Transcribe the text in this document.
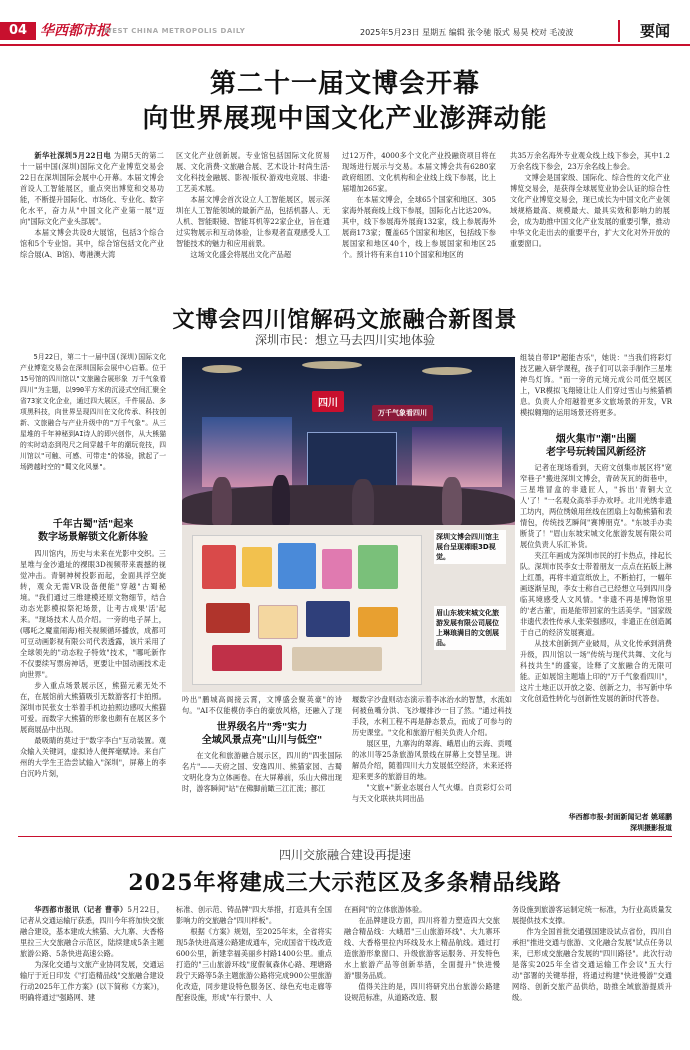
04 华西都市报
WEST CHINA METROPOLIS DAILY	2025年5月23日 星期五 编辑 张令驰 版式 易昊 校对 毛凌波	要闻
第二十一届文博会开幕
向世界展现中国文化产业澎湃动能

新华社深圳5月22日电 为期5天的第二十一届中国(深圳)国际文化产业博览交易会22日在深圳国际会展中心开幕。本届文博会首设人工智能展区，重点突出博览和交易功能，不断提升国际化、市场化、专业化、数字化水平，奋力从"中国文化产业第一展"迈向"国际文化产业头部展"。

本届文博会共设8大展馆，包括3个综合馆和5个专业馆。其中，综合馆包括文化产业综合展(A、B馆)、粤港澳大湾

区文化产业创新展。专业馆包括国际文化贸易展、文化消费·文旅融合展、艺术设计·时尚生活·文化科技金融展、影视·版权·游戏电竞展、非遗·工艺美术展。

本届文博会首次设立人工智能展区，展示深圳在人工智能领域的最新产品，包括机器人、无人机、智能眼镜、智能耳机等22家企业，旨在通过实物展示和互动体验，让参观者直观感受人工智能技术的魅力和应用前景。

这场文化盛会将展出文化产品超

过12万件，4000多个文化产业投融资项目将在现场进行展示与交易。本届文博会共有6280家政府组团、文化机构和企业线上线下参展，比上届增加265家。

在本届文博会，全球65个国家和地区、305家海外展商线上线下参展，国际化占比达20%。其中，线下参展海外展商132家，线上参展海外展商173家；覆盖65个国家和地区，包括线下参展国家和地区40个，线上参展国家和地区25个。预计将有来自110个国家和地区的

共35万余名海外专业观众线上线下参会，其中1.2万余名线下参会，23万余名线上参会。

文博会是国家级、国际化、综合性的文化产业博览交易会，是获得全球展览业协会认证的综合性文化产业博览交易会，现已成长为中国文化产业领域规格最高、规模最大、最具实效和影响力的展会，成为助推中国文化产业发展的重要引擎，推动中华文化走出去的重要平台，扩大文化对外开放的重要窗口。

文博会四川馆解码文旅融合新图景
深圳市民：想立马去四川实地体验

5月22日，第二十一届中国(深圳)国际文化产业博览交易会在深圳国际会展中心启幕。位于15号馆的四川馆以"文旅融合展形象 万千气象看四川"为主题，以990平方米的沉浸式空间汇聚全省73家文化企业，通过四大展区，千件展品、多项黑科技，向世界呈现四川在文化传承、科技创新、文旅融合与产业升级中的"万千气象"。从三星堆的千年神秘到AI诗人的即兴创作，从大熊猫的实时动态到咫尺之间穿越千年的潮玩竞技，四川馆以"可触、可感、可带走"的体验，掀起了一场跨越时空的"蜀文化风暴"。

千年古蜀"活"起来
数字场景解锁文化新体验

四川馆内，历史与未来在光影中交织。三星堆与金沙遗址的裸眼3D视频带来震撼的视觉冲击。青铜神树投影而起，金面具浮空旋转，观众无需VR设备便能"穿越"古蜀秘境。"我们通过三维建模还原文物细节，结合动态光影模拟祭祀场景，让考古成果'活'起来。"现场技术人员介绍。一旁的电子屏上，(哪吒之魔童闹海)相关视频循环播放，成都可可豆动画影视有限公司代表透露，该片采用了全球领先的"动态粒子特效"技术，"哪吒新作不仅要续写票房神话，更要让中国动画技术走向世界"。

步入重点场景展示区，熊猫元素无处不在，在展馆前大熊猫吸引无数游客打卡拍照。深圳市民张女士举着手机边拍照边感叹大熊猫可爱。而数字大熊猫的形象也颇有在展区多个展商展品中出现。

最吸睛的莫过于"数字李白"互动装置。观众输入关键词，虚拟诗人便挥毫赋诗。来自广州的大学生王浩尝试输入"深圳"，屏幕上的李白沉吟片刻，

四川
万千气象看四川
深圳文博会四川馆主展台呈现裸眼3D视觉。
眉山东坡宋城文化旅游发展有限公司展位上琳琅满目的文创展品。

组装自带IP"超能杏乐"，她说："当我们将彩灯技艺融入研学课程，孩子们可以亲手制作三星堆神鸟灯饰。"而一旁的元境元成公司低空展区上，VR模拟飞翔镜让让人们穿过雪山与熊猫栖息。负责人介绍越着更多文旅场景的开发，VR模拟翱翔的运用场景还将更多。

烟火集市"潮"出圈
老字号玩转国风新经济

记者在现场看到，天府文创集市展区将"宽窄巷子"搬进深圳文博会，青砖灰瓦的街巷中，三星堆冒盒的非遗匠人，"拆出'青铜大立人'了！"一名观众高举手办欢呼。北川羌绣非遗工坊内，两位绣娘用丝线在团扇上勾勒熊猫和表情包，传统技艺瞬间"赛博朋克"。"东坡手办卖断货了！"眉山东坡宋城文化旅游发展有限公司展位负责人乐汇补货。

夹江年画成为深圳市民的打卡热点，排起长队。深圳市民李女士带着朋友一点点在拓版上淋上红墨，再将丰道宣纸放上，不断拍打，一幅年画逐渐呈现，李女士称自己已经想立马到四川身临其境感受人文风情。"非遗不再是博物馆里的'老古董'，而是能带回家的生活美学。"国家级非遗代表性传承人张荣强感叹，非遗正在创造属于自己的经济发展赛道。

从技术创新到产业破局，从文化传承到消费升级，四川馆以一场"传统与现代共舞、文化与科技共生"的盛宴，诠释了文旅融合的无限可能。正如展馆主题墙上印的"万千气象看四川"，这片土地正以开放之姿、创新之力，书写新中华文化创造性转化与创新性发展的新时代答卷。

吟出"鹏城高阁接云霄，文博盛会聚英豪"的诗句。"AI不仅能模仿李白的豪放风格，还融入了现

世界级名片"秀"实力
全域风景点亮"山川与低空"

在文化和旅游融合展示区，四川的"四张国际名片"——天府之国、安逸四川、熊猫家园、古蜀文明化身为立体画卷。在大屏幕前，乐山大佛出现时，游客瞬间"站"在佛脚前瞰三江汇流；都江

堰数字沙盘则动态演示着李冰治水的智慧，水流如何被鱼嘴分洪、飞沙堰排沙一目了然。"通过科技手段，水利工程不再是静态景点，而成了可参与的历史课堂。"文化和旅游厅相关负责人介绍。

展区里，九寨沟的翠海、峨眉山的云海、贡嘎的冰川等25条旅游风景线在屏幕上交替呈现。讲解员介绍，随着四川大力发展低空经济，未来还将迎来更多的旅游目的地。

"文旅+"新业态展台人气火爆。自贡彩灯公司与天文化联袂共同出品

华西都市报-封面新闻记者 姚瑶鹏
深圳摄影报道
四川交旅融合建设再提速
2025年将建成三大示范区及多条精品线路

华西都市报讯（记者 曹菲）5月22日，记者从交通运输厅获悉，四川今年将加快交旅融合建设，基本建成大熊猫、大九寨、大香格里拉三大交旅融合示范区，陆续建成5条主题旅游公路、5条快进高速公路。

为深化交通与文旅产业协同发展，交通运输厅于近日印发《"打造精品线"交旅融合建设行动2025年工作方案》(以下简称《方案》)，明确将通过"强路网、建

标准、创示范、铸品牌"四大举措，打造具有全国影响力的交旅融合"四川样板"。

根据《方案》规划，至2025年末，全省将实现5条快进高速公路建成通车，完成国省干线改造600公里，新建幸福美丽乡村路1400公里。重点打造的"三山旅游环线"度假氧森休心路、理塘路段宁天路等5条主题旅游公路将完成900公里旅游化改造，同步建设特色服务区、绿色充电走廊等配套设施，形成"车行景中、人

在画间"的立体旅游体验。

在品牌建设方面，四川将着力塑造四大交旅融合精品线：大峨眉"三山旅游环线"、大九寨环线、大香格里拉内环线及水上精品航线。通过打造旅游形象窗口、升级旅游客运服务、开发特色水上旅游产品等创新举措，全面提升"快进慢游"服务品质。

值得关注的是，四川将研究出台旅游公路建设规范标准，从道路改造、服

务设施到旅游客运制定统一标准，为行业高质量发展提供技术支撑。

作为全国首批交通强国建设试点省份，四川自承担"推进交通与旅游、文化融合发展"试点任务以来，已形成交旅融合发展的"四川路径"。此次行动是落实2025年全省交通运输工作会议"五大行动"部署的关键举措，将通过构建"快进慢游"交通网络、创新交旅产品供给，助推全域旅游提质升级。
